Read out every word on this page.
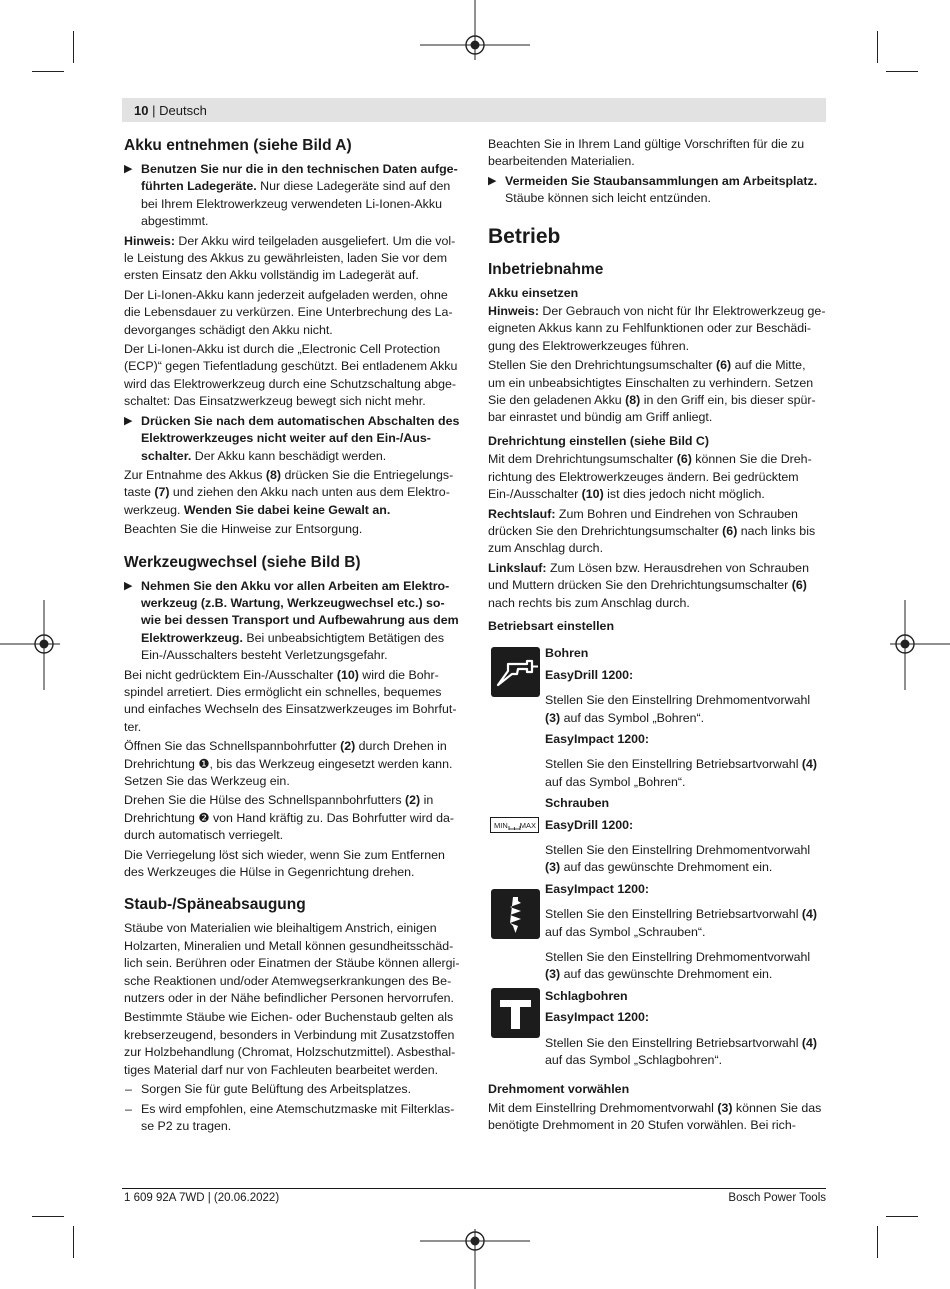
10 | Deutsch
Akku entnehmen (siehe Bild A)

▶ Benutzen Sie nur die in den technischen Daten aufgeführten Ladegeräte. Nur diese Ladegeräte sind auf den bei Ihrem Elektrowerkzeug verwendeten Li-Ionen-Akku abgestimmt.

Hinweis: Der Akku wird teilgeladen ausgeliefert. Um die volle Leistung des Akkus zu gewährleisten, laden Sie vor dem ersten Einsatz den Akku vollständig im Ladegerät auf.

Der Li-Ionen-Akku kann jederzeit aufgeladen werden, ohne die Lebensdauer zu verkürzen. Eine Unterbrechung des Ladevorganges schädigt den Akku nicht.

Der Li-Ionen-Akku ist durch die „Electronic Cell Protection (ECP)“ gegen Tiefentladung geschützt. Bei entladenem Akku wird das Elektrowerkzeug durch eine Schutzschaltung abgeschaltet: Das Einsatzwerkzeug bewegt sich nicht mehr.

▶ Drücken Sie nach dem automatischen Abschalten des Elektrowerkzeuges nicht weiter auf den Ein-/Ausschalter. Der Akku kann beschädigt werden.

Zur Entnahme des Akkus (8) drücken Sie die Entriegelungstaste (7) und ziehen den Akku nach unten aus dem Elektrowerkzeug. Wenden Sie dabei keine Gewalt an.

Beachten Sie die Hinweise zur Entsorgung.

Werkzeugwechsel (siehe Bild B)

▶ Nehmen Sie den Akku vor allen Arbeiten am Elektrowerkzeug (z.B. Wartung, Werkzeugwechsel etc.) sowie bei dessen Transport und Aufbewahrung aus dem Elektrowerkzeug. Bei unbeabsichtigtem Betätigen des Ein-/Ausschalters besteht Verletzungsgefahr.

Bei nicht gedrücktem Ein-/Ausschalter (10) wird die Bohrspindel arretiert. Dies ermöglicht ein schnelles, bequemes und einfaches Wechseln des Einsatzwerkzeuges im Bohrfutter.

Öffnen Sie das Schnellspannbohrfutter (2) durch Drehen in Drehrichtung ❶, bis das Werkzeug eingesetzt werden kann. Setzen Sie das Werkzeug ein.

Drehen Sie die Hülse des Schnellspannbohrfutters (2) in Drehrichtung ❷ von Hand kräftig zu. Das Bohrfutter wird dadurch automatisch verriegelt.

Die Verriegelung löst sich wieder, wenn Sie zum Entfernen des Werkzeuges die Hülse in Gegenrichtung drehen.

Staub-/Späneabsaugung

Stäube von Materialien wie bleihaltigem Anstrich, einigen Holzarten, Mineralien und Metall können gesundheitsschädlich sein. Berühren oder Einatmen der Stäube können allergische Reaktionen und/oder Atemwegserkrankungen des Benutzers oder in der Nähe befindlicher Personen hervorrufen.

Bestimmte Stäube wie Eichen- oder Buchenstaub gelten als krebserzeugend, besonders in Verbindung mit Zusatzstoffen zur Holzbehandlung (Chromat, Holzschutzmittel). Asbesthaltiges Material darf nur von Fachleuten bearbeitet werden.

– Sorgen Sie für gute Belüftung des Arbeitsplatzes.

– Es wird empfohlen, eine Atemschutzmaske mit Filterklasse P2 zu tragen.

Beachten Sie in Ihrem Land gültige Vorschriften für die zu bearbeitenden Materialien.

▶ Vermeiden Sie Staubansammlungen am Arbeitsplatz. Stäube können sich leicht entzünden.

Betrieb
Inbetriebnahme
Akku einsetzen

Hinweis: Der Gebrauch von nicht für Ihr Elektrowerkzeug geeigneten Akkus kann zu Fehlfunktionen oder zur Beschädigung des Elektrowerkzeuges führen.

Stellen Sie den Drehrichtungsumschalter (6) auf die Mitte, um ein unbeabsichtigtes Einschalten zu verhindern. Setzen Sie den geladenen Akku (8) in den Griff ein, bis dieser spürbar einrastet und bündig am Griff anliegt.

Drehrichtung einstellen (siehe Bild C)

Mit dem Drehrichtungsumschalter (6) können Sie die Drehrichtung des Elektrowerkzeuges ändern. Bei gedrücktem Ein-/Ausschalter (10) ist dies jedoch nicht möglich.

Rechtslauf: Zum Bohren und Eindrehen von Schrauben drücken Sie den Drehrichtungsumschalter (6) nach links bis zum Anschlag durch.

Linkslauf: Zum Lösen bzw. Herausdrehen von Schrauben und Muttern drücken Sie den Drehrichtungsumschalter (6) nach rechts bis zum Anschlag durch.

Betriebsart einstellen
Bohren
EasyDrill 1200:
Stellen Sie den Einstellring Drehmomentvorwahl (3) auf das Symbol „Bohren“.
EasyImpact 1200:
Stellen Sie den Einstellring Betriebsartvorwahl (4) auf das Symbol „Bohren“.
Schrauben
MIN MAX EasyDrill 1200:
Stellen Sie den Einstellring Drehmomentvorwahl (3) auf das gewünschte Drehmoment ein.
EasyImpact 1200:
Stellen Sie den Einstellring Betriebsartvorwahl (4) auf das Symbol „Schrauben“.
Stellen Sie den Einstellring Drehmomentvorwahl (3) auf das gewünschte Drehmoment ein.
Schlagbohren
EasyImpact 1200:
Stellen Sie den Einstellring Betriebsartvorwahl (4) auf das Symbol „Schlagbohren“.
Drehmoment vorwählen

Mit dem Einstellring Drehmomentvorwahl (3) können Sie das benötigte Drehmoment in 20 Stufen vorwählen. Bei rich-

1 609 92A 7WD | (20.06.2022)	Bosch Power Tools
